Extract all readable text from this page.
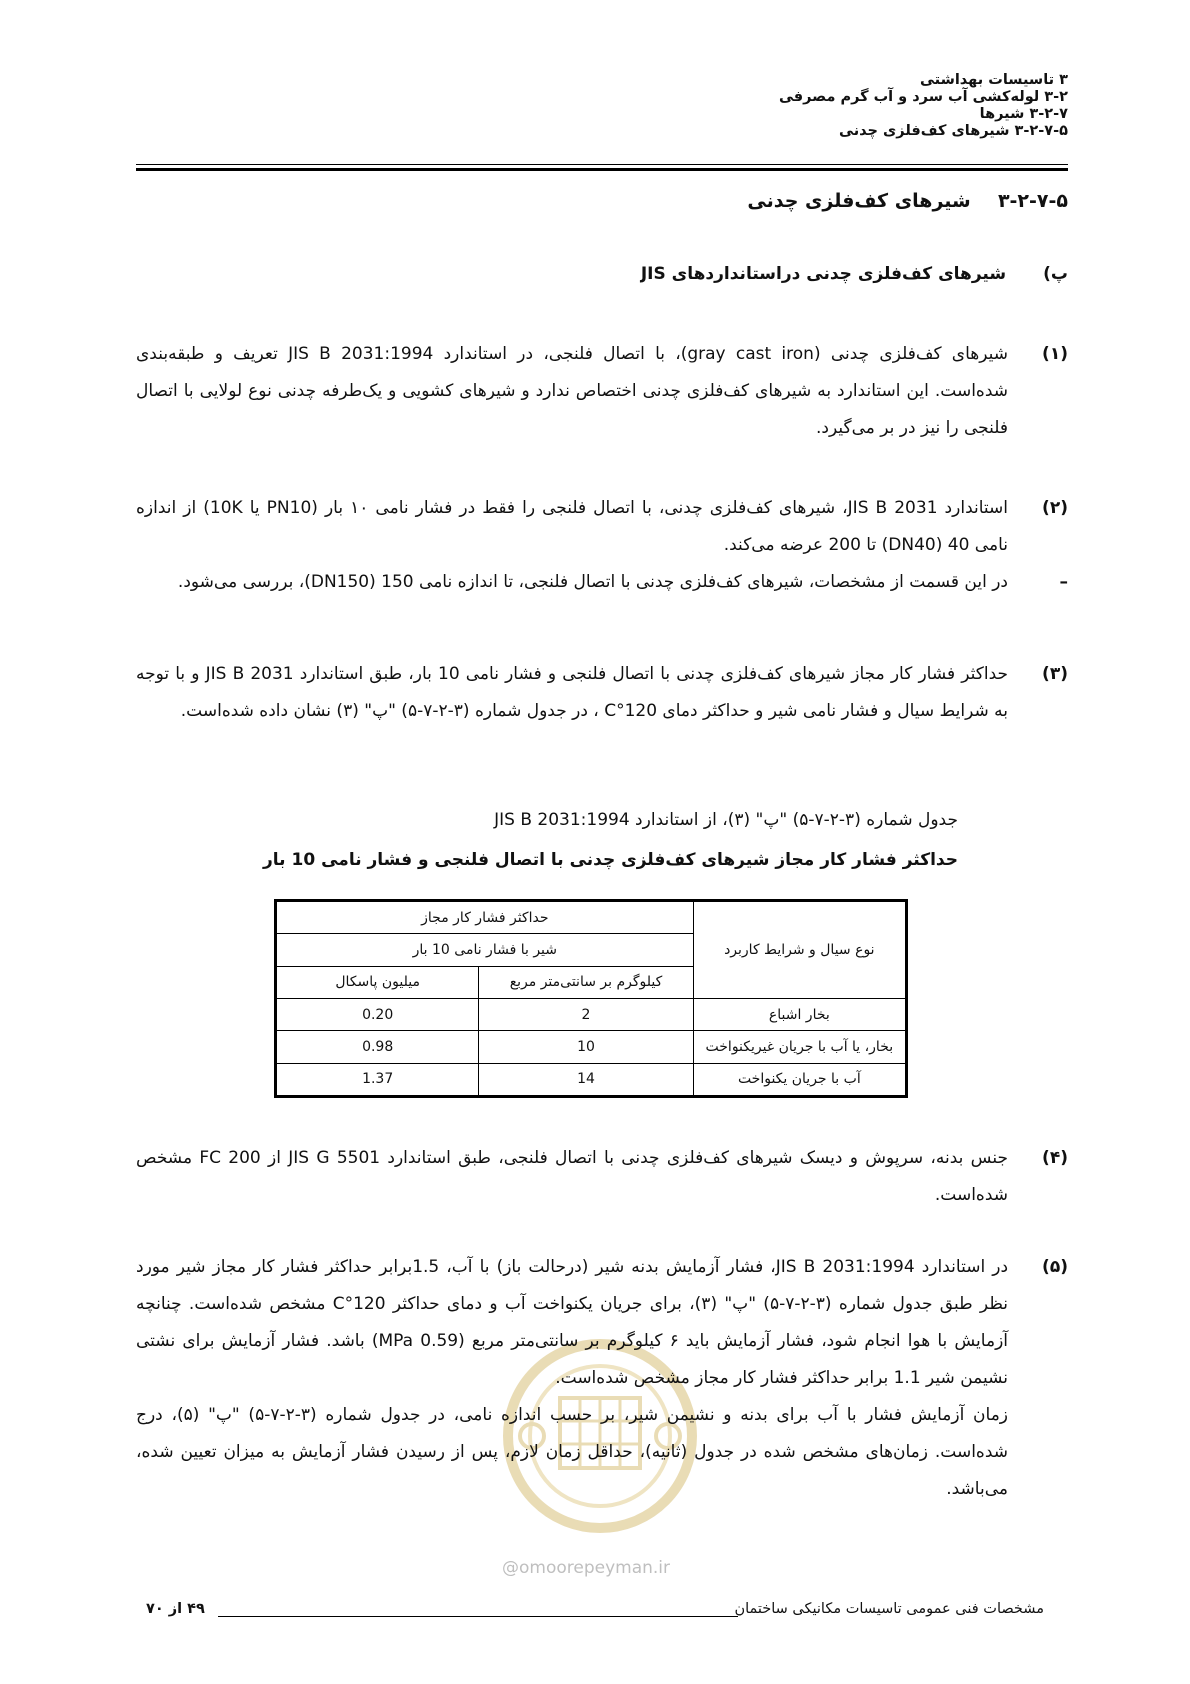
۳ تاسیسات بهداشتی
۳-۲ لوله‌کشی آب سرد و آب گرم مصرفی
۳-۲-۷ شیرها
۳-۲-۷-۵ شیرهای کف‌فلزی چدنی
۳-۲-۷-۵  شیرهای کف‌فلزی چدنی
پ) شیرهای کف‌فلزی چدنی دراستانداردهای JIS
(۱)
شیرهای کف‌فلزی چدنی (gray cast iron)، با اتصال فلنجی، در استاندارد JIS B 2031:1994 تعریف و طبقه‌بندی شده‌است. این استاندارد به شیرهای کف‌فلزی چدنی اختصاص ندارد و شیرهای کشویی و یک‌طرفه چدنی نوع لولایی با اتصال فلنجی را نیز در بر می‌گیرد.
(۲)
استاندارد JIS B 2031، شیرهای کف‌فلزی چدنی، با اتصال فلنجی را فقط در فشار نامی ۱۰ بار (PN10 یا 10K) از اندازه نامی 40 (DN40) تا 200 عرضه می‌کند.
–
در این قسمت از مشخصات، شیرهای کف‌فلزی چدنی با اتصال فلنجی، تا اندازه نامی 150 (DN150)، بررسی می‌شود.
(۳)
حداکثر فشار کار مجاز شیرهای کف‌فلزی چدنی با اتصال فلنجی و فشار نامی 10 بار، طبق استاندارد JIS B 2031 و با توجه به شرایط سیال و فشار نامی شیر و حداکثر دمای 120°C ، در جدول شماره (۳-۲-۷-۵) "پ" (۳) نشان داده شده‌است.
جدول شماره (۳-۲-۷-۵) "پ" (۳)، از استاندارد JIS B 2031:1994
حداکثر فشار کار مجاز شیرهای کف‌فلزی چدنی با اتصال فلنجی و فشار نامی 10 بار
نوع سیال و شرایط کاربرد	حداکثر فشار کار مجاز	
	شیر با فشار نامی 10 بار	
	کیلوگرم بر سانتی‌متر مربع	میلیون پاسکال
بخار اشباع	2	0.20
بخار، یا آب با جریان غیریکنواخت	10	0.98
آب با جریان یکنواخت	14	1.37
(۴)
جنس بدنه، سرپوش و دیسک شیرهای کف‌فلزی چدنی با اتصال فلنجی، طبق استاندارد JIS G 5501 از FC 200 مشخص شده‌است.
(۵)
در استاندارد JIS B 2031:1994، فشار آزمایش بدنه شیر (درحالت باز) با آب، 1.5برابر حداکثر فشار کار مجاز شیر مورد نظر طبق جدول شماره (۳-۲-۷-۵) "پ" (۳)، برای جریان یکنواخت آب و دمای حداکثر 120°C مشخص شده‌است. چنانچه آزمایش با هوا انجام شود، فشار آزمایش باید ۶ کیلوگرم بر سانتی‌متر مربع (0.59 MPa) باشد. فشار آزمایش برای نشتی نشیمن شیر 1.1 برابر حداکثر فشار کار مجاز مشخص شده‌است.
زمان آزمایش فشار با آب برای بدنه و نشیمن شیر، بر حسب اندازه نامی، در جدول شماره (۳-۲-۷-۵) "پ" (۵)، درج شده‌است. زمان‌های مشخص شده در جدول (ثانیه)، حداقل زمان لازم، پس از رسیدن فشار آزمایش به میزان تعیین شده، می‌باشد.
@omoorepeyman.ir
مشخصات فنی عمومی تاسیسات مکانیکی ساختمان
۴۹ از ۷۰
